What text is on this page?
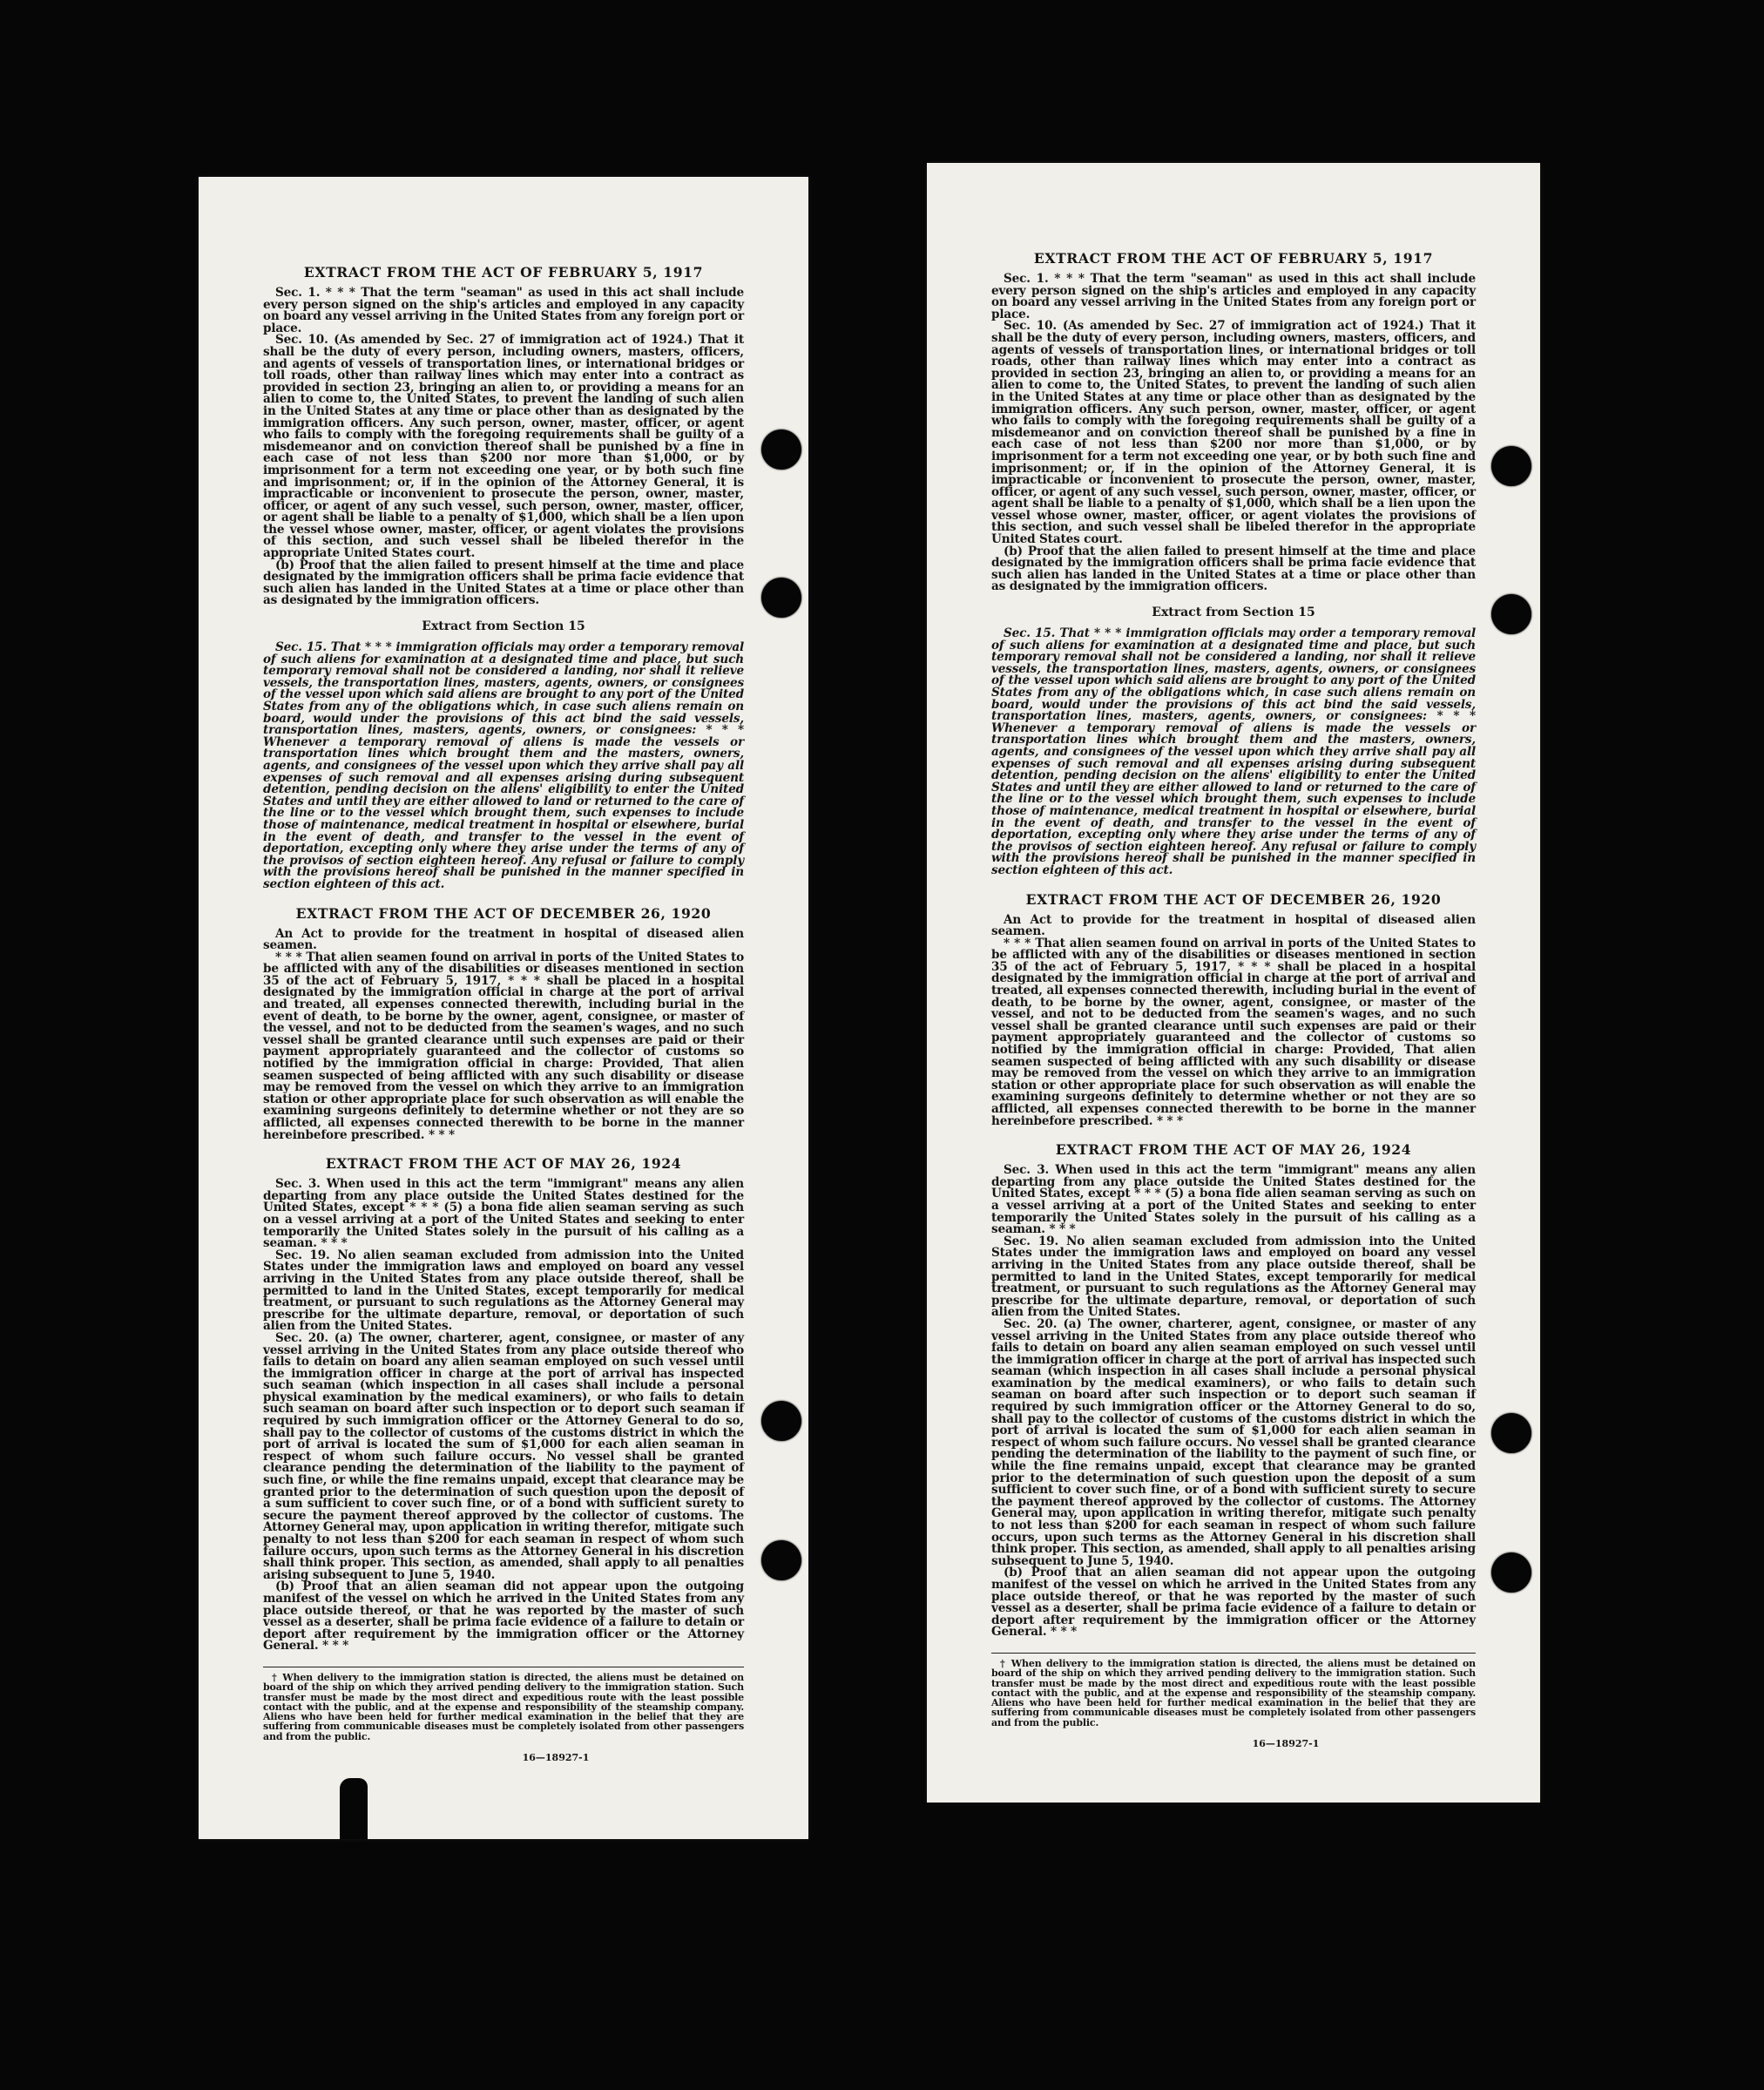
EXTRACT FROM THE ACT OF FEBRUARY 5, 1917

Sec. 1. * * * That the term "seaman" as used in this act shall include every person signed on the ship's articles and employed in any capacity on board any vessel arriving in the United States from any foreign port or place.

Sec. 10. (As amended by Sec. 27 of immigration act of 1924.) That it shall be the duty of every person, including owners, masters, officers, and agents of vessels of transportation lines, or international bridges or toll roads, other than railway lines which may enter into a contract as provided in section 23, bringing an alien to, or providing a means for an alien to come to, the United States, to prevent the landing of such alien in the United States at any time or place other than as designated by the immigration officers. Any such person, owner, master, officer, or agent who fails to comply with the foregoing requirements shall be guilty of a misdemeanor and on conviction thereof shall be punished by a fine in each case of not less than $200 nor more than $1,000, or by imprisonment for a term not exceeding one year, or by both such fine and imprisonment; or, if in the opinion of the Attorney General, it is impracticable or inconvenient to prosecute the person, owner, master, officer, or agent of any such vessel, such person, owner, master, officer, or agent shall be liable to a penalty of $1,000, which shall be a lien upon the vessel whose owner, master, officer, or agent violates the provisions of this section, and such vessel shall be libeled therefor in the appropriate United States court.

(b) Proof that the alien failed to present himself at the time and place designated by the immigration officers shall be prima facie evidence that such alien has landed in the United States at a time or place other than as designated by the immigration officers.

Extract from Section 15

Sec. 15. That * * * immigration officials may order a temporary removal of such aliens for examination at a designated time and place, but such temporary removal shall not be considered a landing, nor shall it relieve vessels, the transportation lines, masters, agents, owners, or consignees of the vessel upon which said aliens are brought to any port of the United States from any of the obligations which, in case such aliens remain on board, would under the provisions of this act bind the said vessels, transportation lines, masters, agents, owners, or consignees: * * * Whenever a temporary removal of aliens is made the vessels or transportation lines which brought them and the masters, owners, agents, and consignees of the vessel upon which they arrive shall pay all expenses of such removal and all expenses arising during subsequent detention, pending decision on the aliens' eligibility to enter the United States and until they are either allowed to land or returned to the care of the line or to the vessel which brought them, such expenses to include those of maintenance, medical treatment in hospital or elsewhere, burial in the event of death, and transfer to the vessel in the event of deportation, excepting only where they arise under the terms of any of the provisos of section eighteen hereof. Any refusal or failure to comply with the provisions hereof shall be punished in the manner specified in section eighteen of this act.

EXTRACT FROM THE ACT OF DECEMBER 26, 1920

An Act to provide for the treatment in hospital of diseased alien seamen.

* * * That alien seamen found on arrival in ports of the United States to be afflicted with any of the disabilities or diseases mentioned in section 35 of the act of February 5, 1917, * * * shall be placed in a hospital designated by the immigration official in charge at the port of arrival and treated, all expenses connected therewith, including burial in the event of death, to be borne by the owner, agent, consignee, or master of the vessel, and not to be deducted from the seamen's wages, and no such vessel shall be granted clearance until such expenses are paid or their payment appropriately guaranteed and the collector of customs so notified by the immigration official in charge: Provided, That alien seamen suspected of being afflicted with any such disability or disease may be removed from the vessel on which they arrive to an immigration station or other appropriate place for such observation as will enable the examining surgeons definitely to determine whether or not they are so afflicted, all expenses connected therewith to be borne in the manner hereinbefore prescribed. * * *

EXTRACT FROM THE ACT OF MAY 26, 1924

Sec. 3. When used in this act the term "immigrant" means any alien departing from any place outside the United States destined for the United States, except * * * (5) a bona fide alien seaman serving as such on a vessel arriving at a port of the United States and seeking to enter temporarily the United States solely in the pursuit of his calling as a seaman. * * *

Sec. 19. No alien seaman excluded from admission into the United States under the immigration laws and employed on board any vessel arriving in the United States from any place outside thereof, shall be permitted to land in the United States, except temporarily for medical treatment, or pursuant to such regulations as the Attorney General may prescribe for the ultimate departure, removal, or deportation of such alien from the United States.

Sec. 20. (a) The owner, charterer, agent, consignee, or master of any vessel arriving in the United States from any place outside thereof who fails to detain on board any alien seaman employed on such vessel until the immigration officer in charge at the port of arrival has inspected such seaman (which inspection in all cases shall include a personal physical examination by the medical examiners), or who fails to detain such seaman on board after such inspection or to deport such seaman if required by such immigration officer or the Attorney General to do so, shall pay to the collector of customs of the customs district in which the port of arrival is located the sum of $1,000 for each alien seaman in respect of whom such failure occurs. No vessel shall be granted clearance pending the determination of the liability to the payment of such fine, or while the fine remains unpaid, except that clearance may be granted prior to the determination of such question upon the deposit of a sum sufficient to cover such fine, or of a bond with sufficient surety to secure the payment thereof approved by the collector of customs. The Attorney General may, upon application in writing therefor, mitigate such penalty to not less than $200 for each seaman in respect of whom such failure occurs, upon such terms as the Attorney General in his discretion shall think proper. This section, as amended, shall apply to all penalties arising subsequent to June 5, 1940.

(b) Proof that an alien seaman did not appear upon the outgoing manifest of the vessel on which he arrived in the United States from any place outside thereof, or that he was reported by the master of such vessel as a deserter, shall be prima facie evidence of a failure to detain or deport after requirement by the immigration officer or the Attorney General. * * *

† When delivery to the immigration station is directed, the aliens must be detained on board of the ship on which they arrived pending delivery to the immigration station. Such transfer must be made by the most direct and expeditious route with the least possible contact with the public, and at the expense and responsibility of the steamship company. Aliens who have been held for further medical examination in the belief that they are suffering from communicable diseases must be completely isolated from other passengers and from the public.

16—18927-1
EXTRACT FROM THE ACT OF FEBRUARY 5, 1917

Sec. 1. * * * That the term "seaman" as used in this act shall include every person signed on the ship's articles and employed in any capacity on board any vessel arriving in the United States from any foreign port or place.

Sec. 10. (As amended by Sec. 27 of immigration act of 1924.) That it shall be the duty of every person, including owners, masters, officers, and agents of vessels of transportation lines, or international bridges or toll roads, other than railway lines which may enter into a contract as provided in section 23, bringing an alien to, or providing a means for an alien to come to, the United States, to prevent the landing of such alien in the United States at any time or place other than as designated by the immigration officers. Any such person, owner, master, officer, or agent who fails to comply with the foregoing requirements shall be guilty of a misdemeanor and on conviction thereof shall be punished by a fine in each case of not less than $200 nor more than $1,000, or by imprisonment for a term not exceeding one year, or by both such fine and imprisonment; or, if in the opinion of the Attorney General, it is impracticable or inconvenient to prosecute the person, owner, master, officer, or agent of any such vessel, such person, owner, master, officer, or agent shall be liable to a penalty of $1,000, which shall be a lien upon the vessel whose owner, master, officer, or agent violates the provisions of this section, and such vessel shall be libeled therefor in the appropriate United States court.

(b) Proof that the alien failed to present himself at the time and place designated by the immigration officers shall be prima facie evidence that such alien has landed in the United States at a time or place other than as designated by the immigration officers.

Extract from Section 15

Sec. 15. That * * * immigration officials may order a temporary removal of such aliens for examination at a designated time and place, but such temporary removal shall not be considered a landing, nor shall it relieve vessels, the transportation lines, masters, agents, owners, or consignees of the vessel upon which said aliens are brought to any port of the United States from any of the obligations which, in case such aliens remain on board, would under the provisions of this act bind the said vessels, transportation lines, masters, agents, owners, or consignees: * * * Whenever a temporary removal of aliens is made the vessels or transportation lines which brought them and the masters, owners, agents, and consignees of the vessel upon which they arrive shall pay all expenses of such removal and all expenses arising during subsequent detention, pending decision on the aliens' eligibility to enter the United States and until they are either allowed to land or returned to the care of the line or to the vessel which brought them, such expenses to include those of maintenance, medical treatment in hospital or elsewhere, burial in the event of death, and transfer to the vessel in the event of deportation, excepting only where they arise under the terms of any of the provisos of section eighteen hereof. Any refusal or failure to comply with the provisions hereof shall be punished in the manner specified in section eighteen of this act.

EXTRACT FROM THE ACT OF DECEMBER 26, 1920

An Act to provide for the treatment in hospital of diseased alien seamen.

* * * That alien seamen found on arrival in ports of the United States to be afflicted with any of the disabilities or diseases mentioned in section 35 of the act of February 5, 1917, * * * shall be placed in a hospital designated by the immigration official in charge at the port of arrival and treated, all expenses connected therewith, including burial in the event of death, to be borne by the owner, agent, consignee, or master of the vessel, and not to be deducted from the seamen's wages, and no such vessel shall be granted clearance until such expenses are paid or their payment appropriately guaranteed and the collector of customs so notified by the immigration official in charge: Provided, That alien seamen suspected of being afflicted with any such disability or disease may be removed from the vessel on which they arrive to an immigration station or other appropriate place for such observation as will enable the examining surgeons definitely to determine whether or not they are so afflicted, all expenses connected therewith to be borne in the manner hereinbefore prescribed. * * *

EXTRACT FROM THE ACT OF MAY 26, 1924

Sec. 3. When used in this act the term "immigrant" means any alien departing from any place outside the United States destined for the United States, except * * * (5) a bona fide alien seaman serving as such on a vessel arriving at a port of the United States and seeking to enter temporarily the United States solely in the pursuit of his calling as a seaman. * * *

Sec. 19. No alien seaman excluded from admission into the United States under the immigration laws and employed on board any vessel arriving in the United States from any place outside thereof, shall be permitted to land in the United States, except temporarily for medical treatment, or pursuant to such regulations as the Attorney General may prescribe for the ultimate departure, removal, or deportation of such alien from the United States.

Sec. 20. (a) The owner, charterer, agent, consignee, or master of any vessel arriving in the United States from any place outside thereof who fails to detain on board any alien seaman employed on such vessel until the immigration officer in charge at the port of arrival has inspected such seaman (which inspection in all cases shall include a personal physical examination by the medical examiners), or who fails to detain such seaman on board after such inspection or to deport such seaman if required by such immigration officer or the Attorney General to do so, shall pay to the collector of customs of the customs district in which the port of arrival is located the sum of $1,000 for each alien seaman in respect of whom such failure occurs. No vessel shall be granted clearance pending the determination of the liability to the payment of such fine, or while the fine remains unpaid, except that clearance may be granted prior to the determination of such question upon the deposit of a sum sufficient to cover such fine, or of a bond with sufficient surety to secure the payment thereof approved by the collector of customs. The Attorney General may, upon application in writing therefor, mitigate such penalty to not less than $200 for each seaman in respect of whom such failure occurs, upon such terms as the Attorney General in his discretion shall think proper. This section, as amended, shall apply to all penalties arising subsequent to June 5, 1940.

(b) Proof that an alien seaman did not appear upon the outgoing manifest of the vessel on which he arrived in the United States from any place outside thereof, or that he was reported by the master of such vessel as a deserter, shall be prima facie evidence of a failure to detain or deport after requirement by the immigration officer or the Attorney General. * * *

† When delivery to the immigration station is directed, the aliens must be detained on board of the ship on which they arrived pending delivery to the immigration station. Such transfer must be made by the most direct and expeditious route with the least possible contact with the public, and at the expense and responsibility of the steamship company. Aliens who have been held for further medical examination in the belief that they are suffering from communicable diseases must be completely isolated from other passengers and from the public.

16—18927-1
